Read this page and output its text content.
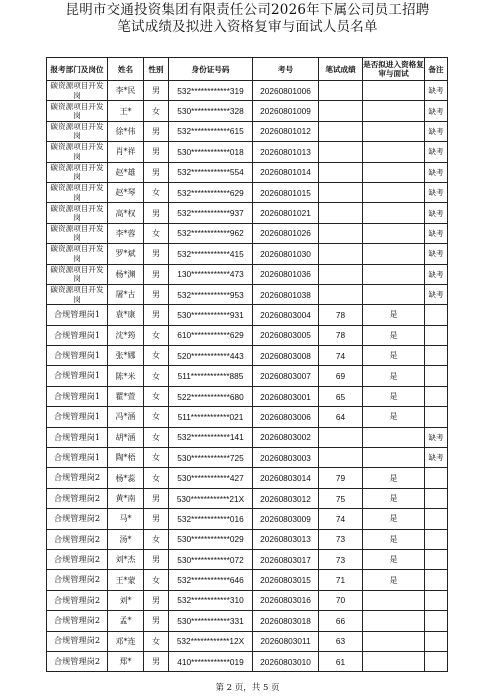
昆明市交通投资集团有限责任公司2026年下属公司员工招聘
笔试成绩及拟进入资格复审与面试人员名单
报考部门及岗位	姓名	性别	身份证号码	考号	笔试成绩	是否拟进入资格复审与面试	备注
碳资源项目开发岗	李*民	男	532************319	20260801006			缺考
碳资源项目开发岗	王*	女	530************328	20260801009			缺考
碳资源项目开发岗	徐*伟	男	532************615	20260801012			缺考
碳资源项目开发岗	肖*祥	男	530************018	20260801013			缺考
碳资源项目开发岗	赵*雄	男	532************554	20260801014			缺考
碳资源项目开发岗	赵*琴	女	532************629	20260801015			缺考
碳资源项目开发岗	高*权	男	532************937	20260801021			缺考
碳资源项目开发岗	李*蓉	女	532************962	20260801026			缺考
碳资源项目开发岗	罗*斌	男	532************415	20260801030			缺考
碳资源项目开发岗	杨*渊	男	130************473	20260801036			缺考
碳资源项目开发岗	屠*古	男	532************953	20260801038			缺考
合规管理岗1	袁*康	男	530************931	20260803004	78	是	
合规管理岗1	沈*筠	女	610************629	20260803005	78	是	
合规管理岗1	张*娜	女	520************443	20260803008	74	是	
合规管理岗1	陈*米	女	511************885	20260803007	69	是	
合规管理岗1	瞿*萱	女	522************680	20260803001	65	是	
合规管理岗1	冯*涵	女	511************021	20260803006	64	是	
合规管理岗1	胡*涵	女	532************141	20260803002			缺考
合规管理岗1	陶*梧	女	530************725	20260803003			缺考
合规管理岗2	杨*蕊	女	530************427	20260803014	79	是	
合规管理岗2	黄*南	男	530************21X	20260803012	75	是	
合规管理岗2	马*	男	532************016	20260803009	74	是	
合规管理岗2	汤*	女	530************029	20260803013	73	是	
合规管理岗2	刘*杰	男	530************072	20260803017	73	是	
合规管理岗2	王*蒙	女	532************646	20260803015	71	是	
合规管理岗2	刘*	男	532************310	20260803016	70		
合规管理岗2	孟*	男	530************331	20260803018	66		
合规管理岗2	邓*连	女	532************12X	20260803011	63		
合规管理岗2	郑*	男	410************019	20260803010	61		
第 2 页，共 5 页
